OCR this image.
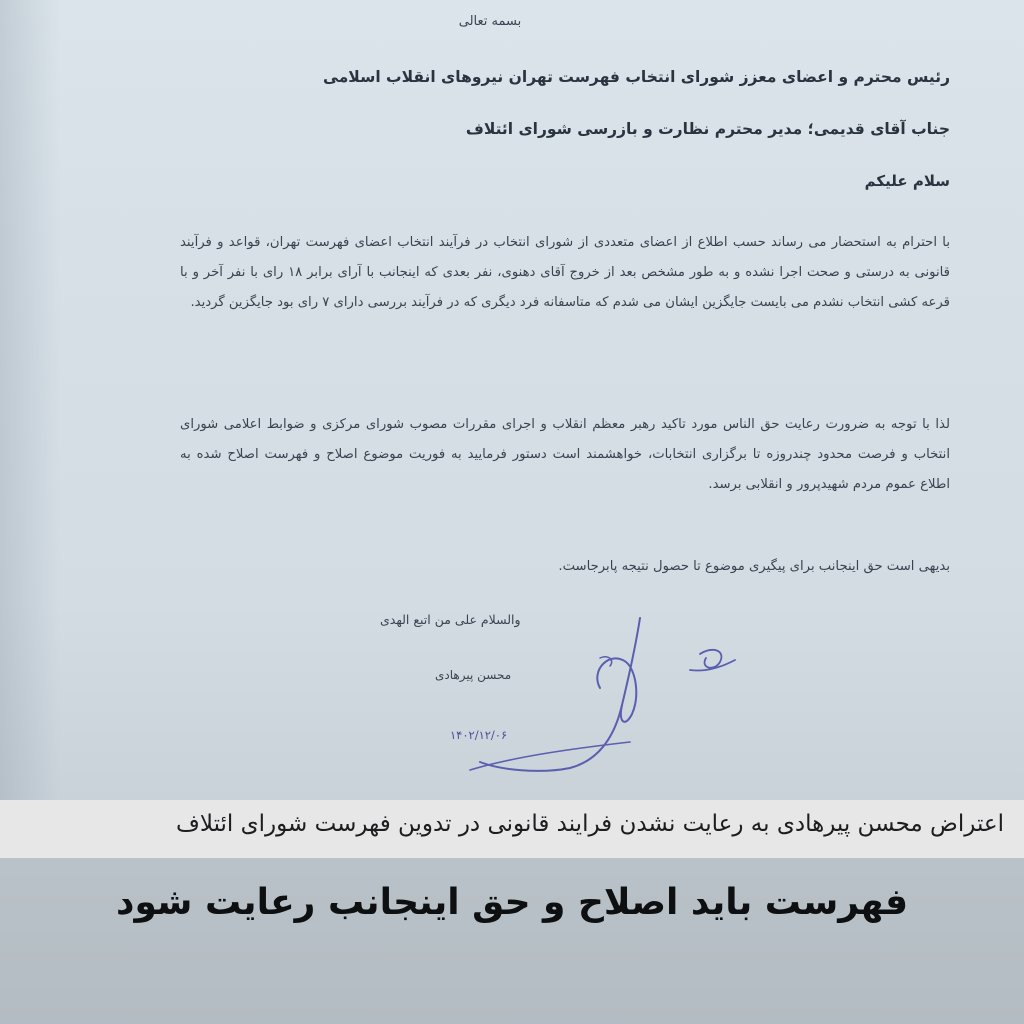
بسمه تعالی
رئیس محترم و اعضای معزز شورای انتخاب فهرست تهران نیروهای انقلاب اسلامی
جناب آقای قدیمی؛ مدیر محترم نظارت و بازرسی شورای ائتلاف
سلام علیکم
با احترام به استحضار می رساند حسب اطلاع از اعضای متعددی از شورای انتخاب در فرآیند انتخاب اعضای فهرست تهران، قواعد و فرآیند قانونی به درستی و صحت اجرا نشده و به طور مشخص بعد از خروج آقای دهنوی، نفر بعدی که اینجانب با آرای برابر ۱۸ رای با نفر آخر و با قرعه کشی انتخاب نشدم می بایست جایگزین ایشان می شدم که متاسفانه فرد دیگری که در فرآیند بررسی دارای ۷ رای بود جایگزین گردید.
لذا با توجه به ضرورت رعایت حق الناس مورد تاکید رهبر معظم انقلاب و اجرای مقررات مصوب شورای مرکزی و ضوابط اعلامی شورای انتخاب و فرصت محدود چندروزه تا برگزاری انتخابات، خواهشمند است دستور فرمایید به فوریت موضوع اصلاح و فهرست اصلاح شده به اطلاع عموم مردم شهیدپرور و انقلابی برسد.
بدیهی است حق اینجانب برای پیگیری موضوع تا حصول نتیجه پابرجاست.
والسلام علی من اتبع الهدی
محسن پیرهادی
۱۴۰۲/۱۲/۰۶
اعتراض محسن پیرهادی به رعایت نشدن فرایند قانونی در تدوین فهرست شورای ائتلاف
فهرست باید اصلاح و حق اینجانب رعایت شود
